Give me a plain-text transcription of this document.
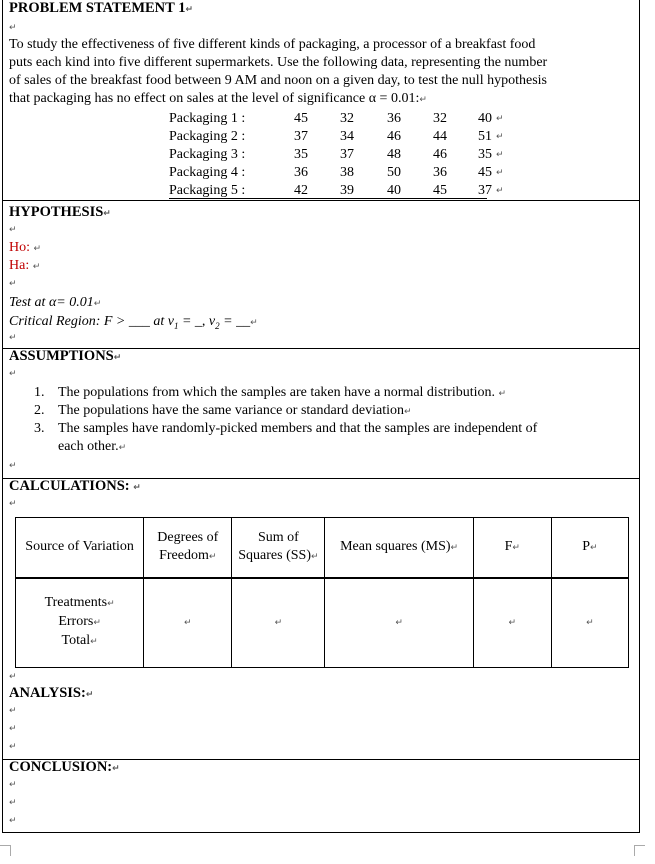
PROBLEM STATEMENT 1↵
↵
To study the effectiveness of five different kinds of packaging, a processor of a breakfast food
puts each kind into five different supermarkets. Use the following data, representing the number
of sales of the breakfast food between 9 AM and noon on a given day, to test the null hypothesis
that packaging has no effect on sales at the level of significance α = 0.01:↵
Packaging 1 :	45 32 36 32 40 ↵
Packaging 2 :	37 34 46 44 51 ↵
Packaging 3 :	35 37 48 46 35 ↵
Packaging 4 :	36 38 50 36 45 ↵
Packaging 5 :	42 39 40 45 37 ↵
HYPOTHESIS↵
↵
Ho: ↵
Ha: ↵
↵
Test at α= 0.01↵
Critical Region: F > ___ at $v_1$ = _, $v_2$ = __↵
↵
ASSUMPTIONS↵
↵
1. The populations from which the samples are taken have a normal distribution. ↵
2. The populations have the same variance or standard deviation↵
3. The samples have randomly-picked members and that the samples are independent of
each other.↵
↵
CALCULATIONS: ↵
↵
Source of Variation	Degrees of
Freedom↵	Sum of
Squares (SS)↵	Mean squares (MS)↵	F↵	P↵

Treatments↵
Errors↵
Total↵	↵	↵	↵	↵	↵
↵
ANALYSIS:↵
↵
↵
↵
CONCLUSION:↵
↵
↵
↵
